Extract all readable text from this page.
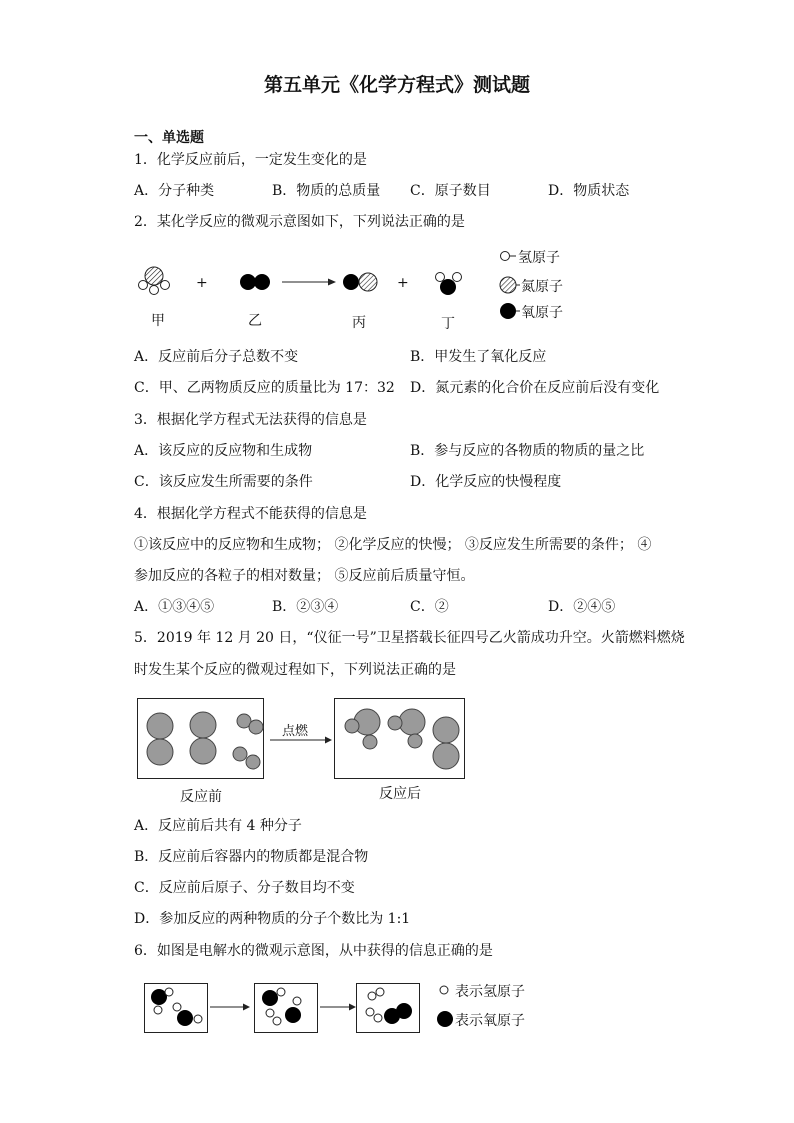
第五单元《化学方程式》测试题
一、单选题
1．化学反应前后，一定发生变化的是
A．分子种类	B．物质的总质量 C．原子数目	D．物质状态
2．某化学反应的微观示意图如下，下列说法正确的是
+	+
氢原子
氮原子
氧原子
甲	乙	丙	丁
A．反应前后分子总数不变	B．甲发生了氧化反应
C．甲、乙两物质反应的质量比为 17：32 D．氮元素的化合价在反应前后没有变化
3．根据化学方程式无法获得的信息是
A．该反应的反应物和生成物	B．参与反应的各物质的物质的量之比
C．该反应发生所需要的条件	D．化学反应的快慢程度
4．根据化学方程式不能获得的信息是
①该反应中的反应物和生成物； ②化学反应的快慢； ③反应发生所需要的条件； ④
参加反应的各粒子的相对数量； ⑤反应前后质量守恒。
A．①③④⑤	B．②③④	C．②	D．②④⑤
5．2019 年 12 月 20 日，“仪征一号”卫星搭载长征四号乙火箭成功升空。火箭燃料燃烧
时发生某个反应的微观过程如下，下列说法正确的是
点燃
反应前	反应后
A．反应前后共有 4 种分子
B．反应前后容器内的物质都是混合物
C．反应前后原子、分子数目均不变
D．参加反应的两种物质的分子个数比为 1:1
6．如图是电解水的微观示意图，从中获得的信息正确的是
表示氢原子
表示氧原子
